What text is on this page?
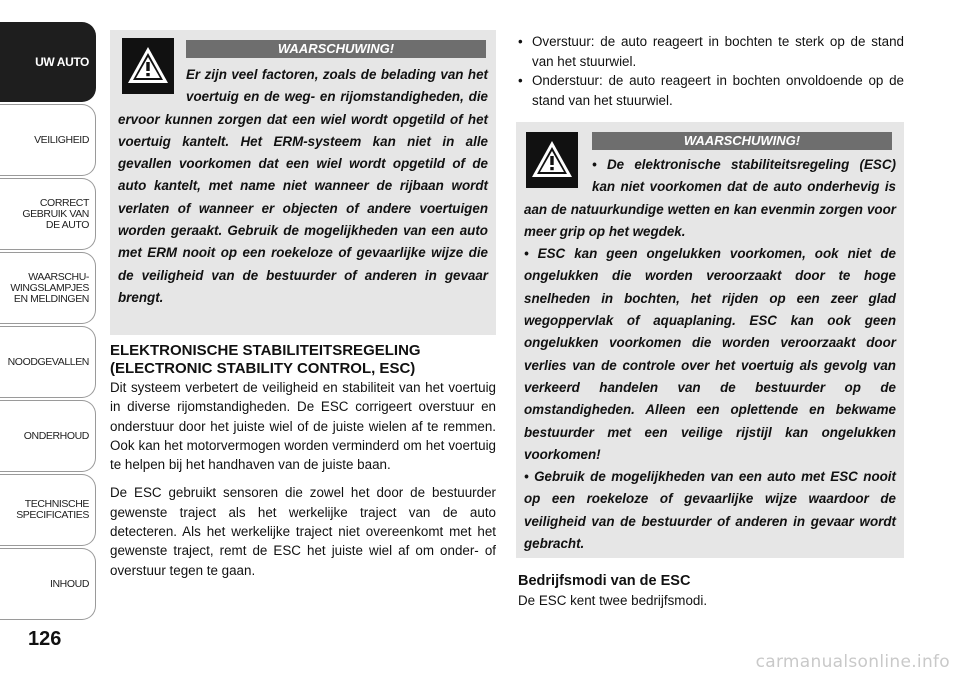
UW AUTO
VEILIGHEID
CORRECT
GEBRUIK VAN
DE AUTO
WAARSCHU-
WINGSLAMPJES
EN MELDINGEN
NOODGEVALLEN
ONDERHOUD
TECHNISCHE
SPECIFICATIES
INHOUD
126
WAARSCHUWING!
Er zijn veel factoren, zoals de belading van het voertuig en de weg- en rijomstandigheden, die ervoor kunnen zorgen dat een wiel wordt opgetild of het voertuig kantelt. Het ERM-systeem kan niet in alle gevallen voorkomen dat een wiel wordt opgetild of de auto kantelt, met name niet wanneer de rijbaan wordt verlaten of wanneer er objecten of andere voertuigen worden geraakt. Gebruik de mogelijkheden van een auto met ERM nooit op een roekeloze of gevaarlijke wijze die de veiligheid van de bestuurder of anderen in gevaar brengt.
ELEKTRONISCHE STABILITEITSREGELING (ELECTRONIC STABILITY CONTROL, ESC)

Dit systeem verbetert de veiligheid en stabiliteit van het voertuig in diverse rijomstandigheden. De ESC corrigeert overstuur en onderstuur door het juiste wiel of de juiste wielen af te remmen. Ook kan het motorvermogen worden verminderd om het voertuig te helpen bij het handhaven van de juiste baan.

De ESC gebruikt sensoren die zowel het door de bestuurder gewenste traject als het werkelijke traject van de auto detecteren. Als het werkelijke traject niet overeenkomt met het gewenste traject, remt de ESC het juiste wiel af om onder- of overstuur tegen te gaan.

• Overstuur: de auto reageert in bochten te sterk op de stand van het stuurwiel.
• Onderstuur: de auto reageert in bochten onvoldoende op de stand van het stuurwiel.
WAARSCHUWING!
• De elektronische stabiliteitsregeling (ESC) kan niet voorkomen dat de auto onderhevig is aan de natuurkundige wetten en kan evenmin zorgen voor meer grip op het wegdek.
• ESC kan geen ongelukken voorkomen, ook niet de ongelukken die worden veroorzaakt door te hoge snelheden in bochten, het rijden op een zeer glad wegoppervlak of aquaplaning. ESC kan ook geen ongelukken voorkomen die worden veroorzaakt door verlies van de controle over het voertuig als gevolg van verkeerd handelen van de bestuurder op de omstandigheden. Alleen een oplettende en bekwame bestuurder met een veilige rijstijl kan ongelukken voorkomen!
• Gebruik de mogelijkheden van een auto met ESC nooit op een roekeloze of gevaarlijke wijze waardoor de veiligheid van de bestuurder of anderen in gevaar wordt gebracht.
Bedrijfsmodi van de ESC
De ESC kent twee bedrijfsmodi.
carmanualsonline.info
